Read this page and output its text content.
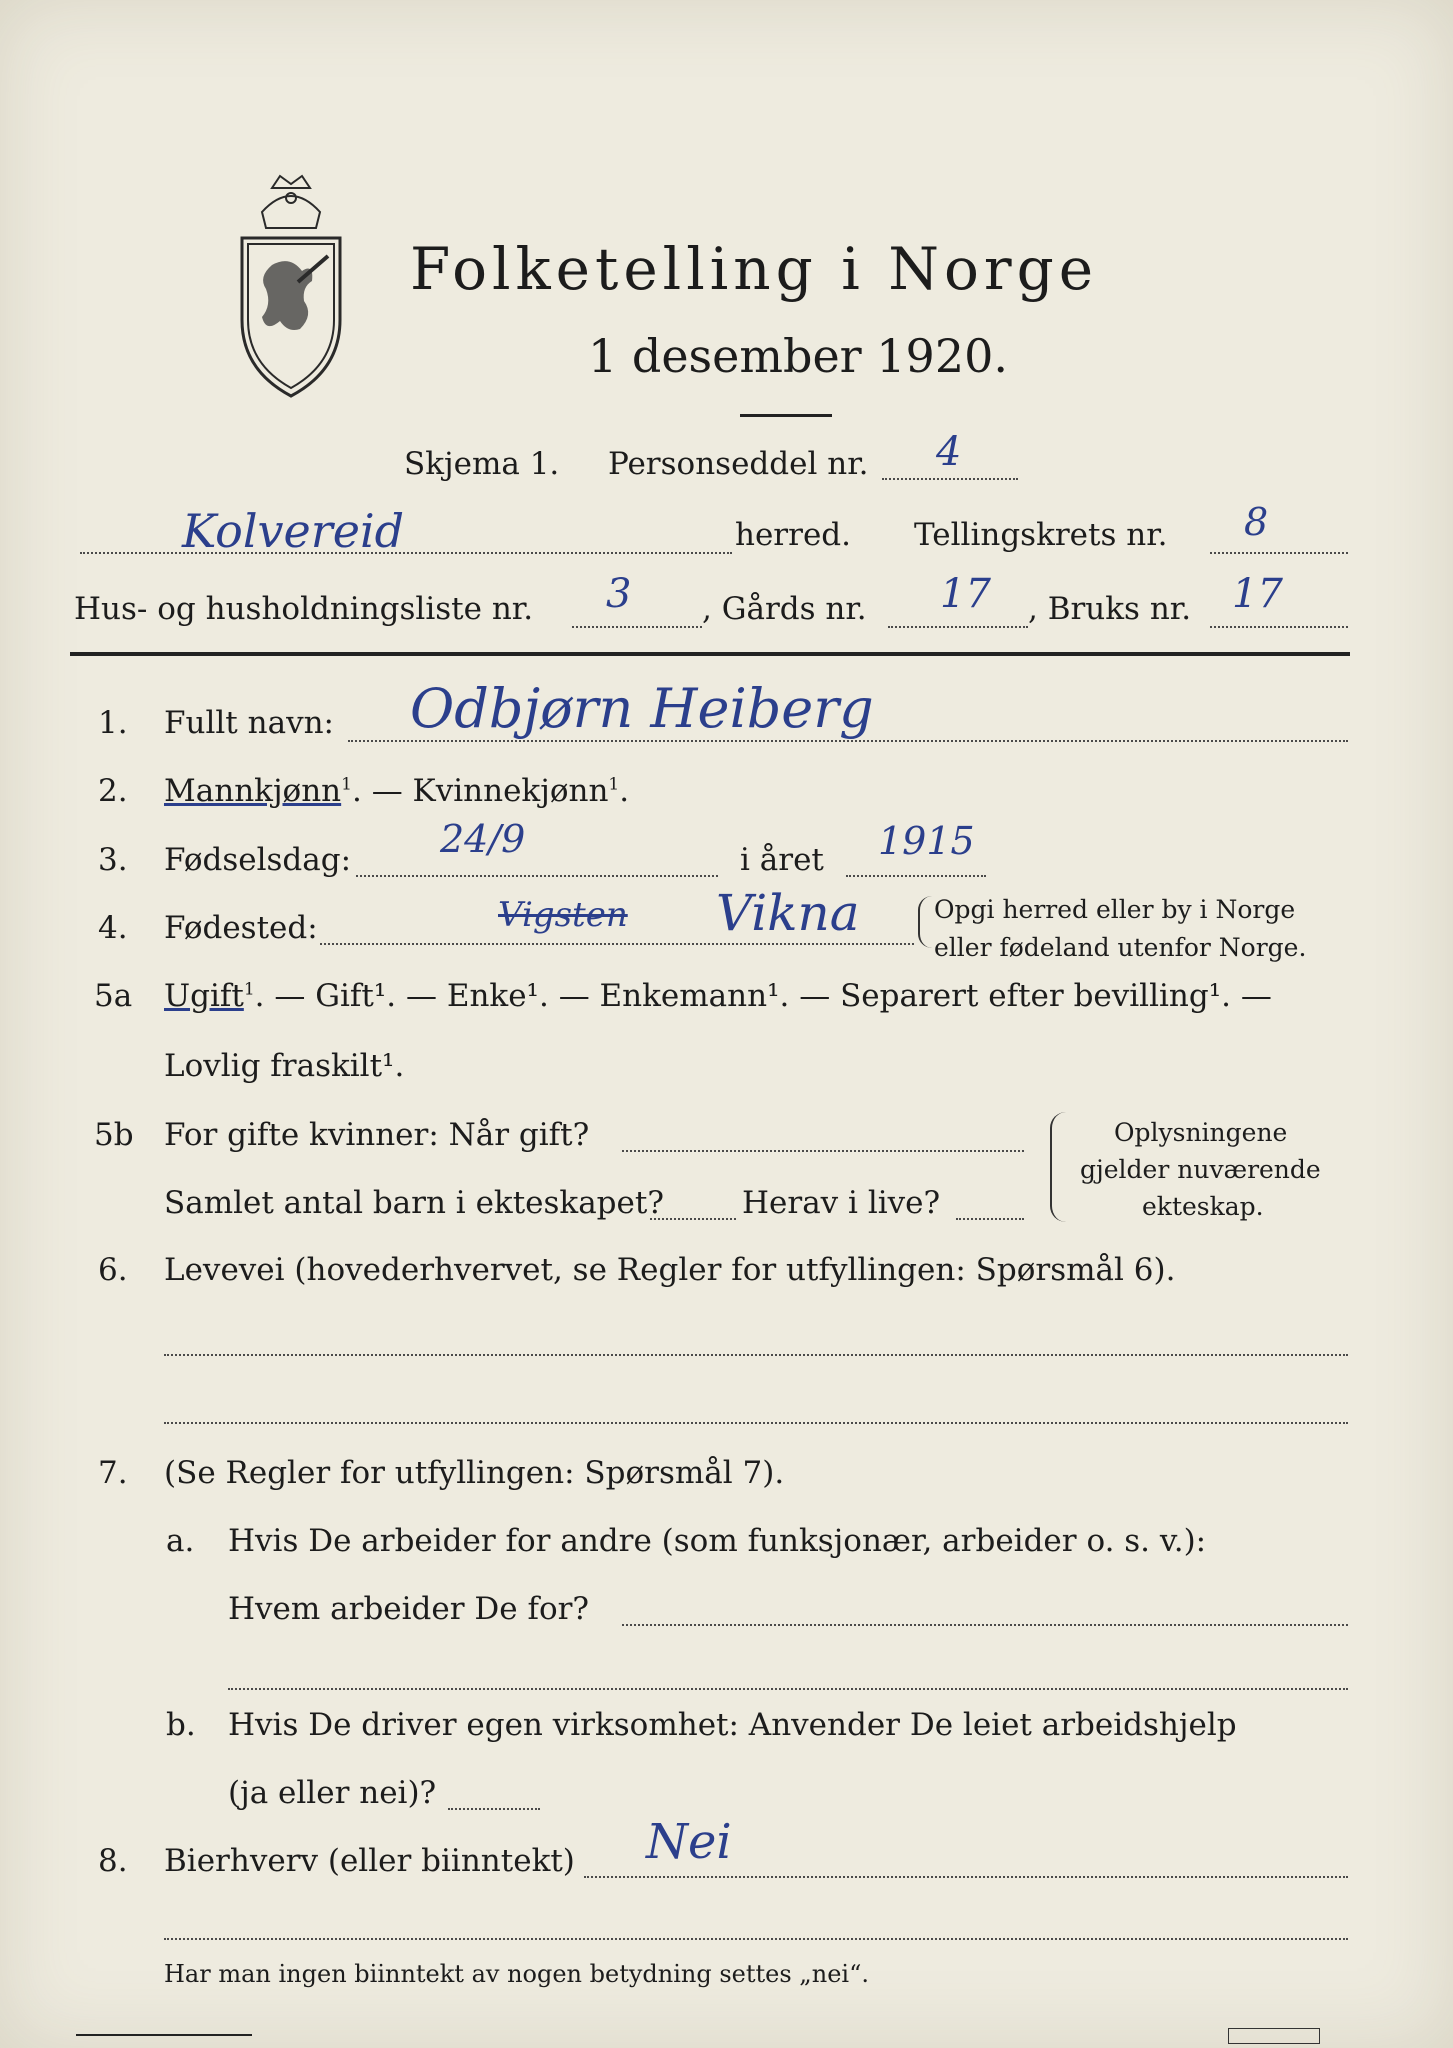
Folketelling i Norge
1 desember 1920.
Skjema 1. Personseddel nr. 4
Kolvereid	herred. Tellingskrets nr. 8
Hus- og husholdningsliste nr. 3 , Gårds nr. 17 , Bruks nr. 17
1. Fullt navn: Odbjørn Heiberg
2. Mannkjønn$^1$. — Kvinnekjønn$^1$.
3. Fødselsdag: 24/9	i året 1915
4. Fødested:	Vigsten Vikna	Opgi herred eller by i Norge
eller fødeland utenfor Norge.
5a Ugift$^1$. — Gift¹. — Enke¹. — Enkemann¹. — Separert efter bevilling¹. —
Lovlig fraskilt¹.
5b For gifte kvinner: Når gift?
Samlet antal barn i ekteskapet?	Herav i live?
Oplysningene
gjelder nuværende
ekteskap.
6. Levevei (hovederhvervet, se Regler for utfyllingen: Spørsmål 6).
7. (Se Regler for utfyllingen: Spørsmål 7).
a. Hvis De arbeider for andre (som funksjonær, arbeider o. s. v.):
Hvem arbeider De for?
b. Hvis De driver egen virksomhet: Anvender De leiet arbeidshjelp
(ja eller nei)?
8. Bierhverv (eller biinntekt) Nei
Har man ingen biinntekt av nogen betydning settes „nei“.
